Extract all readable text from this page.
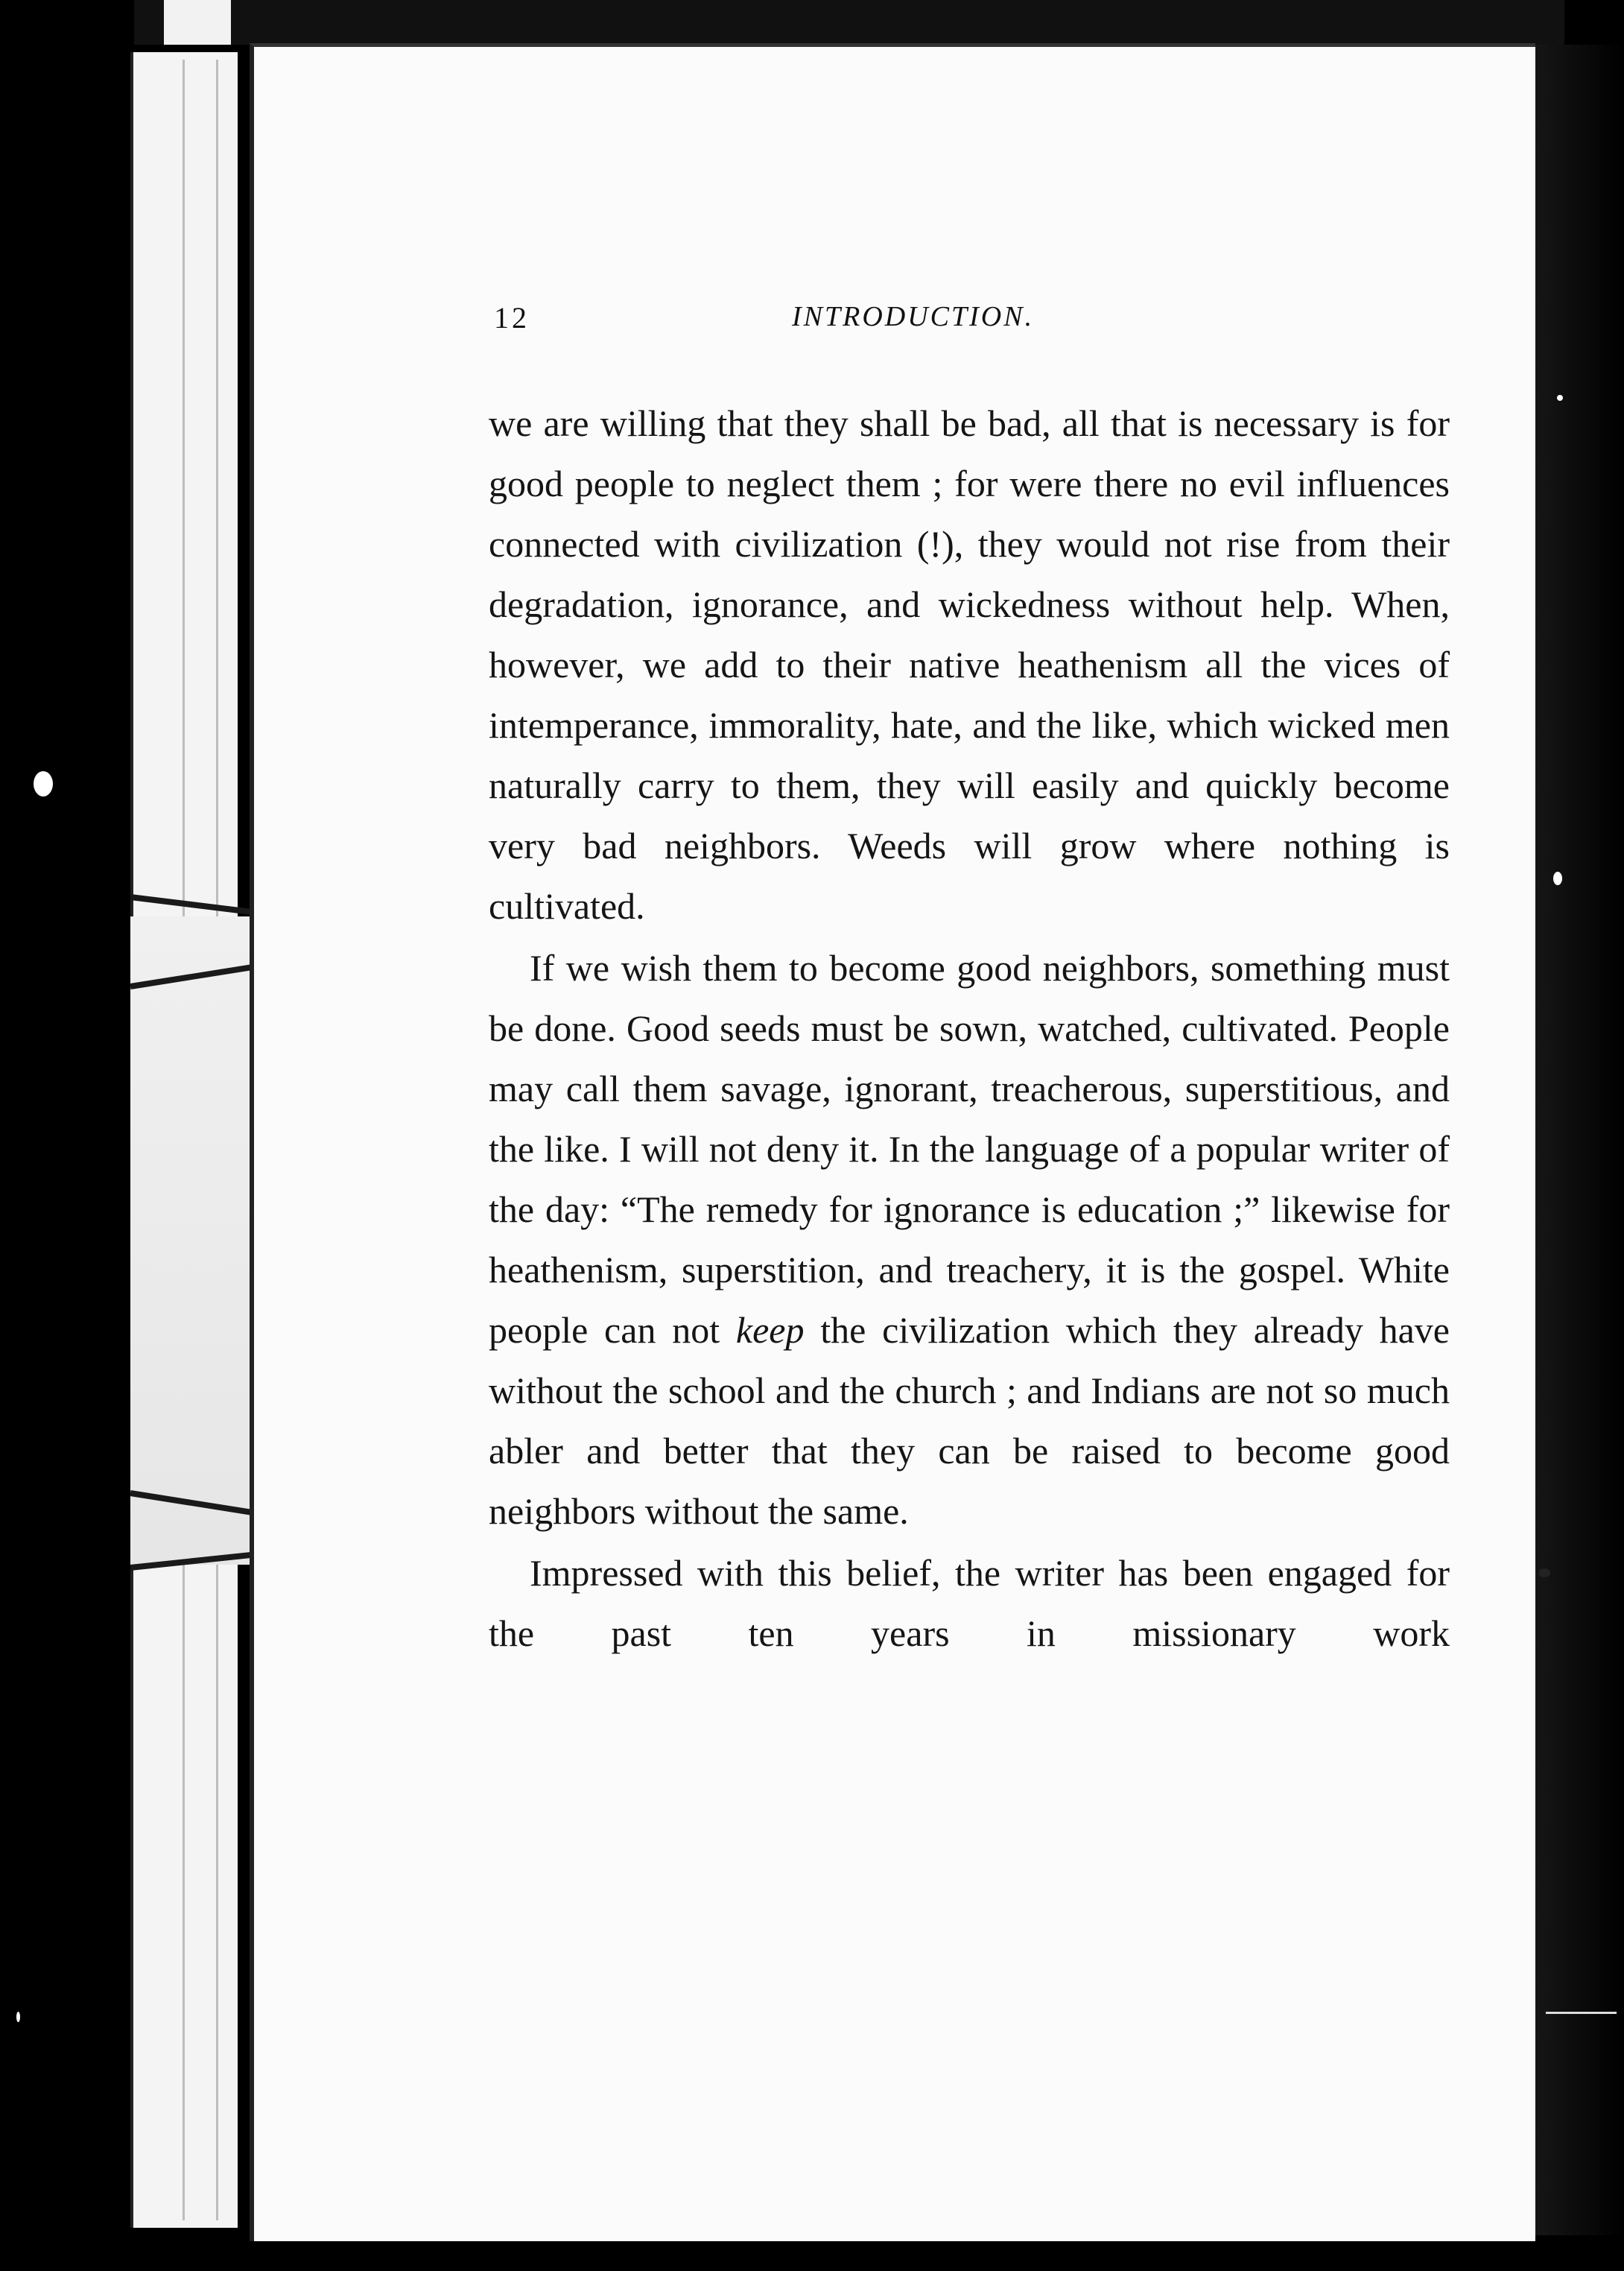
12	INTRODUCTION.

we are willing that they shall be bad, all that is necessary is for good people to neglect them ; for were there no evil influences connected with civilization (!), they would not rise from their degradation, ignorance, and wickedness without help. When, however, we add to their native heathenism all the vices of intemperance, immorality, hate, and the like, which wicked men naturally carry to them, they will easily and quickly become very bad neighbors. Weeds will grow where nothing is cultivated.

If we wish them to become good neighbors, something must be done. Good seeds must be sown, watched, cultivated. People may call them savage, ignorant, treacherous, superstitious, and the like. I will not deny it. In the language of a popular writer of the day: “The remedy for ignorance is education ;” likewise for heathenism, superstition, and treachery, it is the gospel. White people can not keep the civilization which they already have without the school and the church ; and Indians are not so much abler and better that they can be raised to become good neighbors without the same.

Impressed with this belief, the writer has been engaged for the past ten years in missionary work
